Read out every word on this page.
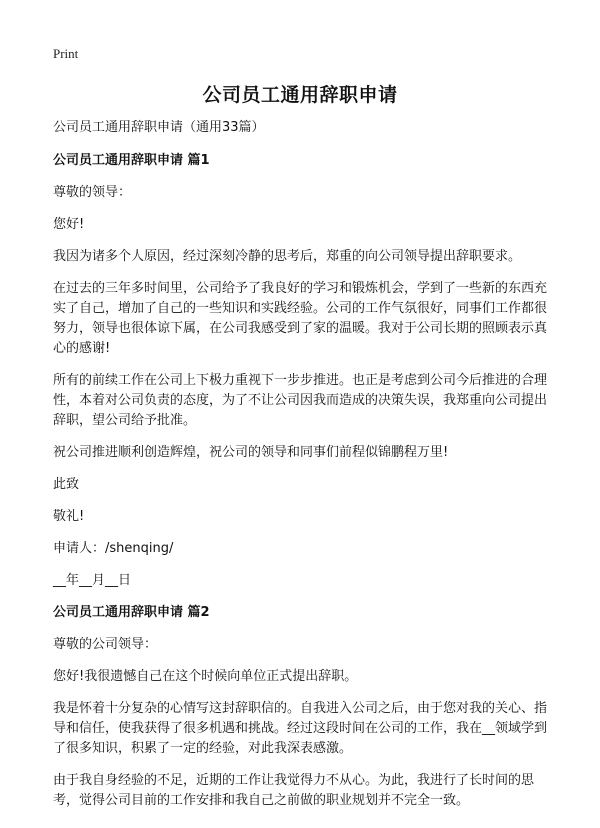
Print
公司员工通用辞职申请
公司员工通用辞职申请（通用33篇）
公司员工通用辞职申请 篇1
尊敬的领导：
您好!
我因为诸多个人原因，经过深刻冷静的思考后，郑重的向公司领导提出辞职要求。
在过去的三年多时间里，公司给予了我良好的学习和锻炼机会，学到了一些新的东西充实了自己，增加了自己的一些知识和实践经验。公司的工作气氛很好，同事们工作都很努力，领导也很体谅下属，在公司我感受到了家的温暖。我对于公司长期的照顾表示真心的感谢!
所有的前续工作在公司上下极力重视下一步步推进。也正是考虑到公司今后推进的合理性，本着对公司负责的态度，为了不让公司因我而造成的决策失误，我郑重向公司提出辞职，望公司给予批准。
祝公司推进顺利创造辉煌，祝公司的领导和同事们前程似锦鹏程万里!
此致
敬礼!
申请人：/shenqing/
__年__月__日
公司员工通用辞职申请 篇2
尊敬的公司领导：
您好!我很遗憾自己在这个时候向单位正式提出辞职。
我是怀着十分复杂的心情写这封辞职信的。自我进入公司之后，由于您对我的关心、指导和信任，使我获得了很多机遇和挑战。经过这段时间在公司的工作，我在__领域学到了很多知识，积累了一定的经验，对此我深表感激。
由于我自身经验的不足，近期的工作让我觉得力不从心。为此，我进行了长时间的思考，觉得公司目前的工作安排和我自己之前做的职业规划并不完全一致。
